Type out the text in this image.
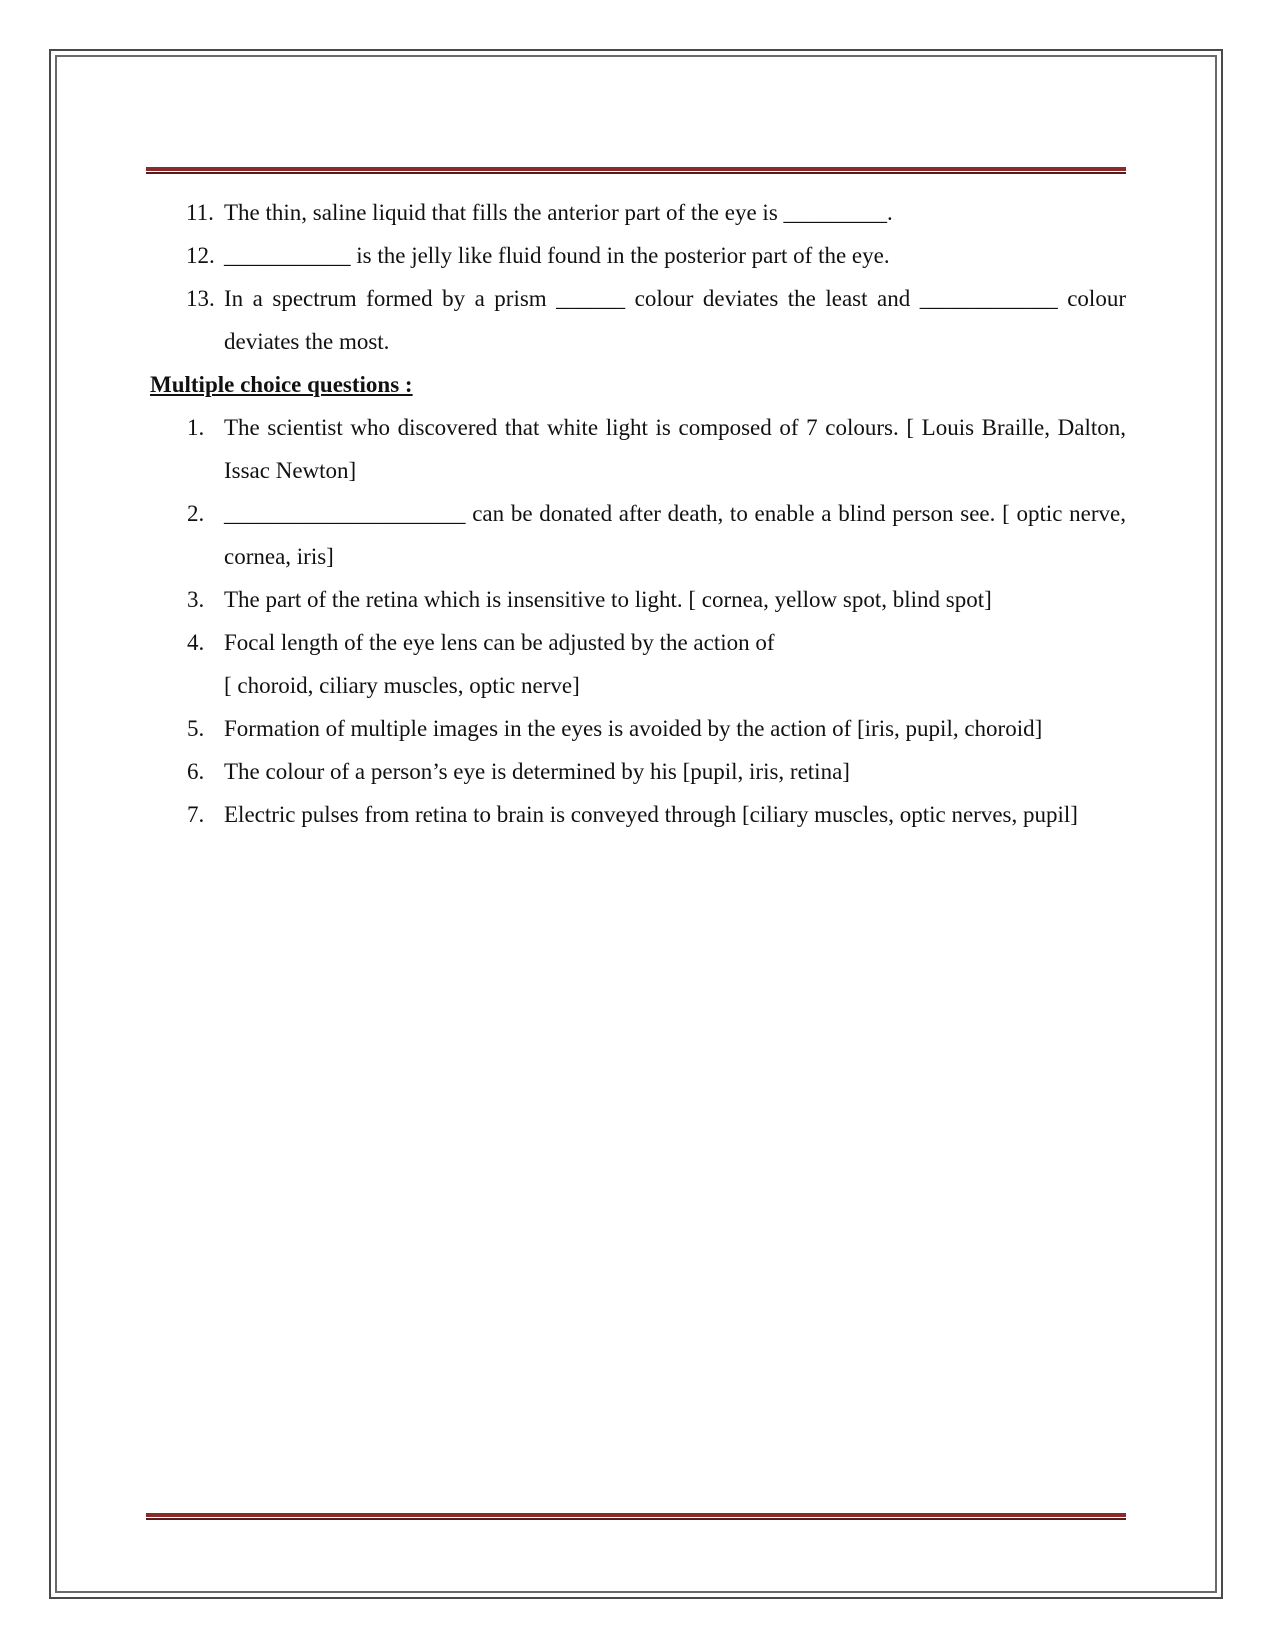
11. The thin, saline liquid that fills the anterior part of the eye is _________.
12. ___________ is the jelly like fluid found in the posterior part of the eye.
13. In a spectrum formed by a prism ______ colour deviates the least and ____________ colour deviates the most.

Multiple choice questions :

1. The scientist who discovered that white light is composed of 7 colours. [ Louis Braille, Dalton, Issac Newton]
2. _____________________ can be donated after death, to enable a blind person see. [ optic nerve, cornea, iris]
3. The part of the retina which is insensitive to light. [ cornea, yellow spot, blind spot]
4. Focal length of the eye lens can be adjusted by the action of
[ choroid, ciliary muscles, optic nerve]
5. Formation of multiple images in the eyes is avoided by the action of [iris, pupil, choroid]
6. The colour of a person’s eye is determined by his [pupil, iris, retina]
7. Electric pulses from retina to brain is conveyed through [ciliary muscles, optic nerves, pupil]
